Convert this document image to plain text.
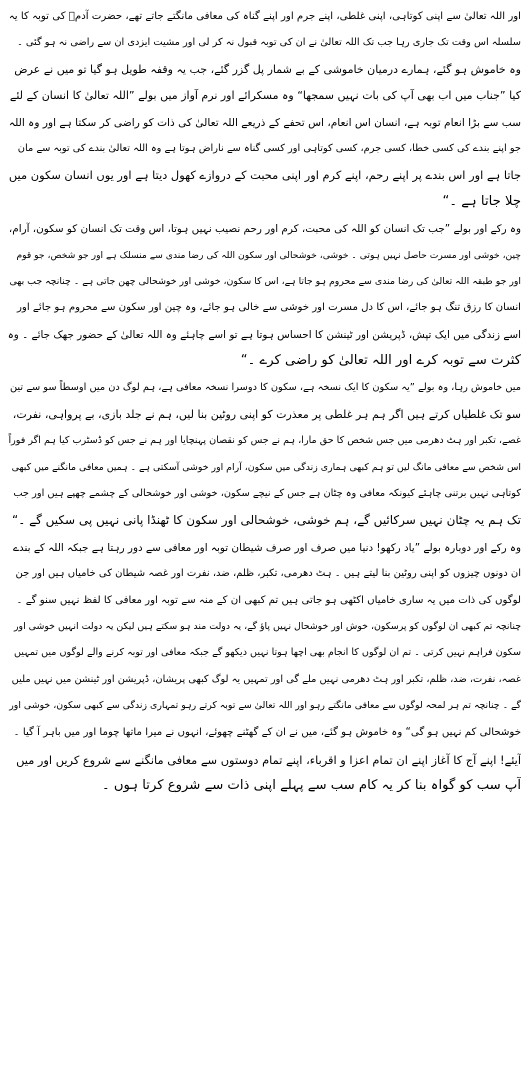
اور اللہ تعالیٰ سے اپنی کوتاہی، اپنی غلطی، اپنے جرم اور اپنے گناہ کی معافی مانگتے جاتے تھے، حضرت آدمؑ کی توبہ کا یہ
سلسلہ اس وقت تک جاری رہا جب تک اللہ تعالیٰ نے ان کی توبہ قبول نہ کر لی اور مشیت ایزدی ان سے راضی نہ ہو گئی ۔
وہ خاموش ہو گئے، ہمارے درمیان خاموشی کے بے شمار پل گزر گئے، جب یہ وقفہ طویل ہو گیا تو میں نے عرض
کیا ”جناب میں اب بھی آپ کی بات نہیں سمجھا“ وہ مسکرائے اور نرم آواز میں بولے ”اللہ تعالیٰ کا انسان کے لئے
سب سے بڑا انعام توبہ ہے، انسان اس انعام، اس تحفے کے ذریعے اللہ تعالیٰ کی ذات کو راضی کر سکتا ہے اور وہ اللہ
جو اپنے بندے کی کسی خطا، کسی جرم، کسی کوتاہی اور کسی گناہ سے ناراض ہوتا ہے وہ اللہ تعالیٰ بندے کی توبہ سے مان
جاتا ہے اور اس بندے پر اپنے رحم، اپنے کرم اور اپنی محبت کے دروازے کھول دیتا ہے اور یوں انسان سکون میں
چلا جاتا ہے ۔“
وہ رکے اور بولے ”جب تک انسان کو اللہ کی محبت، کرم اور رحم نصیب نہیں ہوتا، اس وقت تک انسان کو سکون، آرام،
چین، خوشی اور مسرت حاصل نہیں ہوتی ۔ خوشی، خوشحالی اور سکون اللہ کی رضا مندی سے منسلک ہے اور جو شخص، جو قوم
اور جو طبقہ اللہ تعالیٰ کی رضا مندی سے محروم ہو جاتا ہے، اس کا سکون، خوشی اور خوشحالی چھن جاتی ہے ۔ چنانچہ جب بھی
انسان کا رزق تنگ ہو جائے، اس کا دل مسرت اور خوشی سے خالی ہو جائے، وہ چین اور سکون سے محروم ہو جائے اور
اسے زندگی میں ایک تپش، ڈپریشن اور ٹینشن کا احساس ہوتا ہے تو اسے چاہئے وہ اللہ تعالیٰ کے حضور جھک جائے ۔ وہ
کثرت سے توبہ کرے اور اللہ تعالیٰ کو راضی کرے ۔“
میں خاموش رہا، وہ بولے ”یہ سکون کا ایک نسخہ ہے، سکون کا دوسرا نسخہ معافی ہے، ہم لوگ دن میں اوسطاً سو سے تین
سو تک غلطیاں کرتے ہیں اگر ہم ہر غلطی پر معذرت کو اپنی روٹین بنا لیں، ہم نے جلد بازی، بے پرواہی، نفرت،
غصے، تکبر اور ہٹ دھرمی میں جس شخص کا حق مارا، ہم نے جس کو نقصان پہنچایا اور ہم نے جس کو ڈسٹرب کیا ہم اگر فوراً
اس شخص سے معافی مانگ لیں تو ہم کبھی ہماری زندگی میں سکون، آرام اور خوشی آسکتی ہے ۔ ہمیں معافی مانگنے میں کبھی
کوتاہی نہیں برتنی چاہئے کیونکہ معافی وہ چٹان ہے جس کے نیچے سکون، خوشی اور خوشحالی کے چشمے چھپے ہیں اور جب
تک ہم یہ چٹان نہیں سرکائیں گے، ہم خوشی، خوشحالی اور سکون کا ٹھنڈا پانی نہیں پی سکیں گے ۔“
وہ رکے اور دوبارہ بولے ”یاد رکھو! دنیا میں صرف اور صرف شیطان توبہ اور معافی سے دور رہتا ہے جبکہ اللہ کے بندے
ان دونوں چیزوں کو اپنی روٹین بنا لیتے ہیں ۔ ہٹ دھرمی، تکبر، ظلم، ضد، نفرت اور غصہ شیطان کی خامیاں ہیں اور جن
لوگوں کی ذات میں یہ ساری خامیاں اکٹھی ہو جاتی ہیں تم کبھی ان کے منہ سے توبہ اور معافی کا لفظ نہیں سنو گے ۔
چنانچہ تم کبھی ان لوگوں کو پرسکون، خوش اور خوشحال نہیں پاؤ گے، یہ دولت مند ہو سکتے ہیں لیکن یہ دولت انہیں خوشی اور
سکون فراہم نہیں کرتی ۔ تم ان لوگوں کا انجام بھی اچھا ہوتا نہیں دیکھو گے جبکہ معافی اور توبہ کرنے والے لوگوں میں تمہیں
غصہ، نفرت، ضد، ظلم، تکبر اور ہٹ دھرمی نہیں ملے گی اور تمہیں یہ لوگ کبھی پریشان، ڈپریشن اور ٹینشن میں نہیں ملیں
گے ۔ چنانچہ تم ہر لمحہ لوگوں سے معافی مانگتے رہو اور اللہ تعالیٰ سے توبہ کرتے رہو تمہاری زندگی سے کبھی سکون، خوشی اور
خوشحالی کم نہیں ہو گی“ وہ خاموش ہو گئے، میں نے ان کے گھٹنے چھوئے، انہوں نے میرا ماتھا چوما اور میں باہر آ گیا ۔
آیئے! اپنے آج کا آغاز اپنے ان تمام اعزا و اقرباء، اپنے تمام دوستوں سے معافی مانگنے سے شروع کریں اور میں
آپ سب کو گواہ بنا کر یہ کام سب سے پہلے اپنی ذات سے شروع کرتا ہوں ۔
